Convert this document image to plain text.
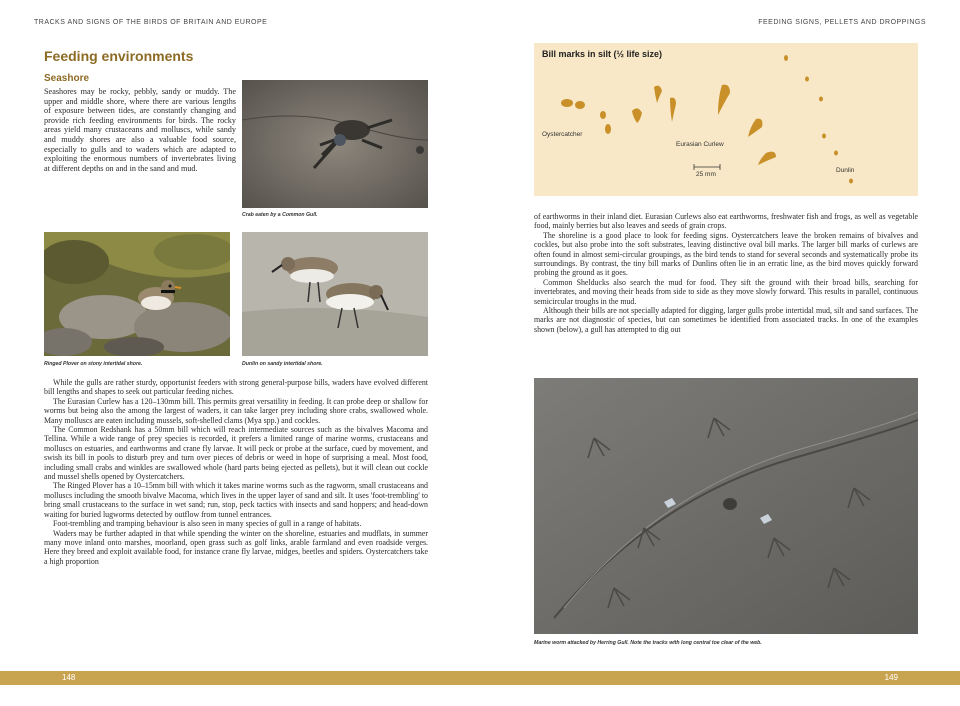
TRACKS AND SIGNS OF THE BIRDS OF BRITAIN AND EUROPE
Feeding environments
Seashore

Seashores may be rocky, pebbly, sandy or muddy. The upper and middle shore, where there are various lengths of exposure between tides, are constantly changing and provide rich feeding environments for birds. The rocky areas yield many crustaceans and molluscs, while sandy and muddy shores are also a valuable food source, especially to gulls and to waders which are adapted to exploiting the enormous numbers of invertebrates living at different depths on and in the sand and mud.

Crab eaten by a Common Gull.

Ringed Plover on stony intertidal shore.	Dunlin on sandy intertidal shore.

While the gulls are rather sturdy, opportunist feeders with strong general-purpose bills, waders have evolved different bill lengths and shapes to seek out particular feeding niches.

The Eurasian Curlew has a 120–130mm bill. This permits great versatility in feeding. It can probe deep or shallow for worms but being also the among the largest of waders, it can take larger prey including shore crabs, swallowed whole. Many molluscs are eaten including mussels, soft-shelled clams (Mya spp.) and cockles.

The Common Redshank has a 50mm bill which will reach intermediate sources such as the bivalves Macoma and Tellina. While a wide range of prey species is recorded, it prefers a limited range of marine worms, crustaceans and molluscs on estuaries, and earthworms and crane fly larvae. It will peck or probe at the surface, cued by movement, and swish its bill in pools to disturb prey and turn over pieces of debris or weed in hope of surprising a meal. Most food, including small crabs and winkles are swallowed whole (hard parts being ejected as pellets), but it will clean out cockle and mussel shells opened by Oystercatchers.

The Ringed Plover has a 10–15mm bill with which it takes marine worms such as the ragworm, small crustaceans and molluscs including the smooth bivalve Macoma, which lives in the upper layer of sand and silt. It uses 'foot-trembling' to bring small crustaceans to the surface in wet sand; run, stop, peck tactics with insects and sand hoppers; and head-down waiting for buried lugworms detected by outflow from tunnel entrances.

Foot-trembling and tramping behaviour is also seen in many species of gull in a range of habitats.

Waders may be further adapted in that while spending the winter on the shoreline, estuaries and mudflats, in summer many move inland onto marshes, moorland, open grass such as golf links, arable farmland and even roadside verges. Here they breed and exploit available food, for instance crane fly larvae, midges, beetles and spiders. Oystercatchers take a high proportion

148
FEEDING SIGNS, PELLETS AND DROPPINGS
Bill marks in silt (½ life size)
Oystercatcher
Eurasian Curlew
Dunlin
25 mm

of earthworms in their inland diet. Eurasian Curlews also eat earthworms, freshwater fish and frogs, as well as vegetable food, mainly berries but also leaves and seeds of grain crops.

The shoreline is a good place to look for feeding signs. Oystercatchers leave the broken remains of bivalves and cockles, but also probe into the soft substrates, leaving distinctive oval bill marks. The larger bill marks of curlews are often found in almost semi-circular groupings, as the bird tends to stand for several seconds and systematically probe its surroundings. By contrast, the tiny bill marks of Dunlins often lie in an erratic line, as the bird moves quickly forward probing the ground as it goes.

Common Shelducks also search the mud for food. They sift the ground with their broad bills, searching for invertebrates, and moving their heads from side to side as they move slowly forward. This results in parallel, continuous semicircular troughs in the mud.

Although their bills are not specially adapted for digging, larger gulls probe intertidal mud, silt and sand surfaces. The marks are not diagnostic of species, but can sometimes be identified from associated tracks. In one of the examples shown (below), a gull has attempted to dig out

Marine worm attacked by Herring Gull. Note the tracks with long central toe clear of the web.

149
